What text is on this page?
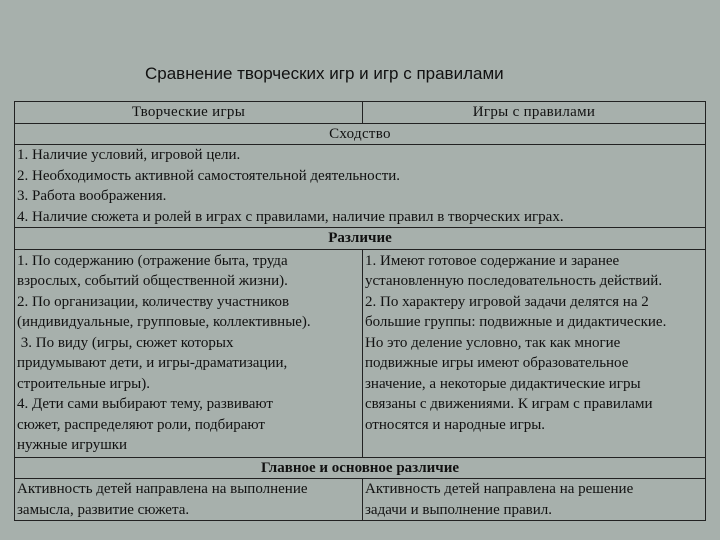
Сравнение творческих игр и игр с правилами
Творческие игры	Игры с правилами
Сходство
1. Наличие условий, игровой цели.
2. Необходимость активной самостоятельной деятельности.
3. Работа воображения.
4. Наличие сюжета и ролей в играх с правилами, наличие правил в творческих играх.
Различие
1. По содержанию (отражение быта, труда
взрослых, событий общественной жизни).
2. По организации, количеству участников
(индивидуальные, групповые, коллективные).
3. По виду (игры, сюжет которых
придумывают дети, и игры-драматизации,
строительные игры).
4. Дети сами выбирают тему, развивают
сюжет, распределяют роли, подбирают
нужные игрушки
1. Имеют готовое содержание и заранее
установленную последовательность действий.
2. По характеру игровой задачи делятся на 2
большие группы: подвижные и дидактические.
Но это деление условно, так как многие
подвижные игры имеют образовательное
значение, а некоторые дидактические игры
связаны с движениями. К играм с правилами
относятся и народные игры.
Главное и основное различие
Активность детей направлена на выполнение
замысла, развитие сюжета.
Активность детей направлена на решение
задачи и выполнение правил.
